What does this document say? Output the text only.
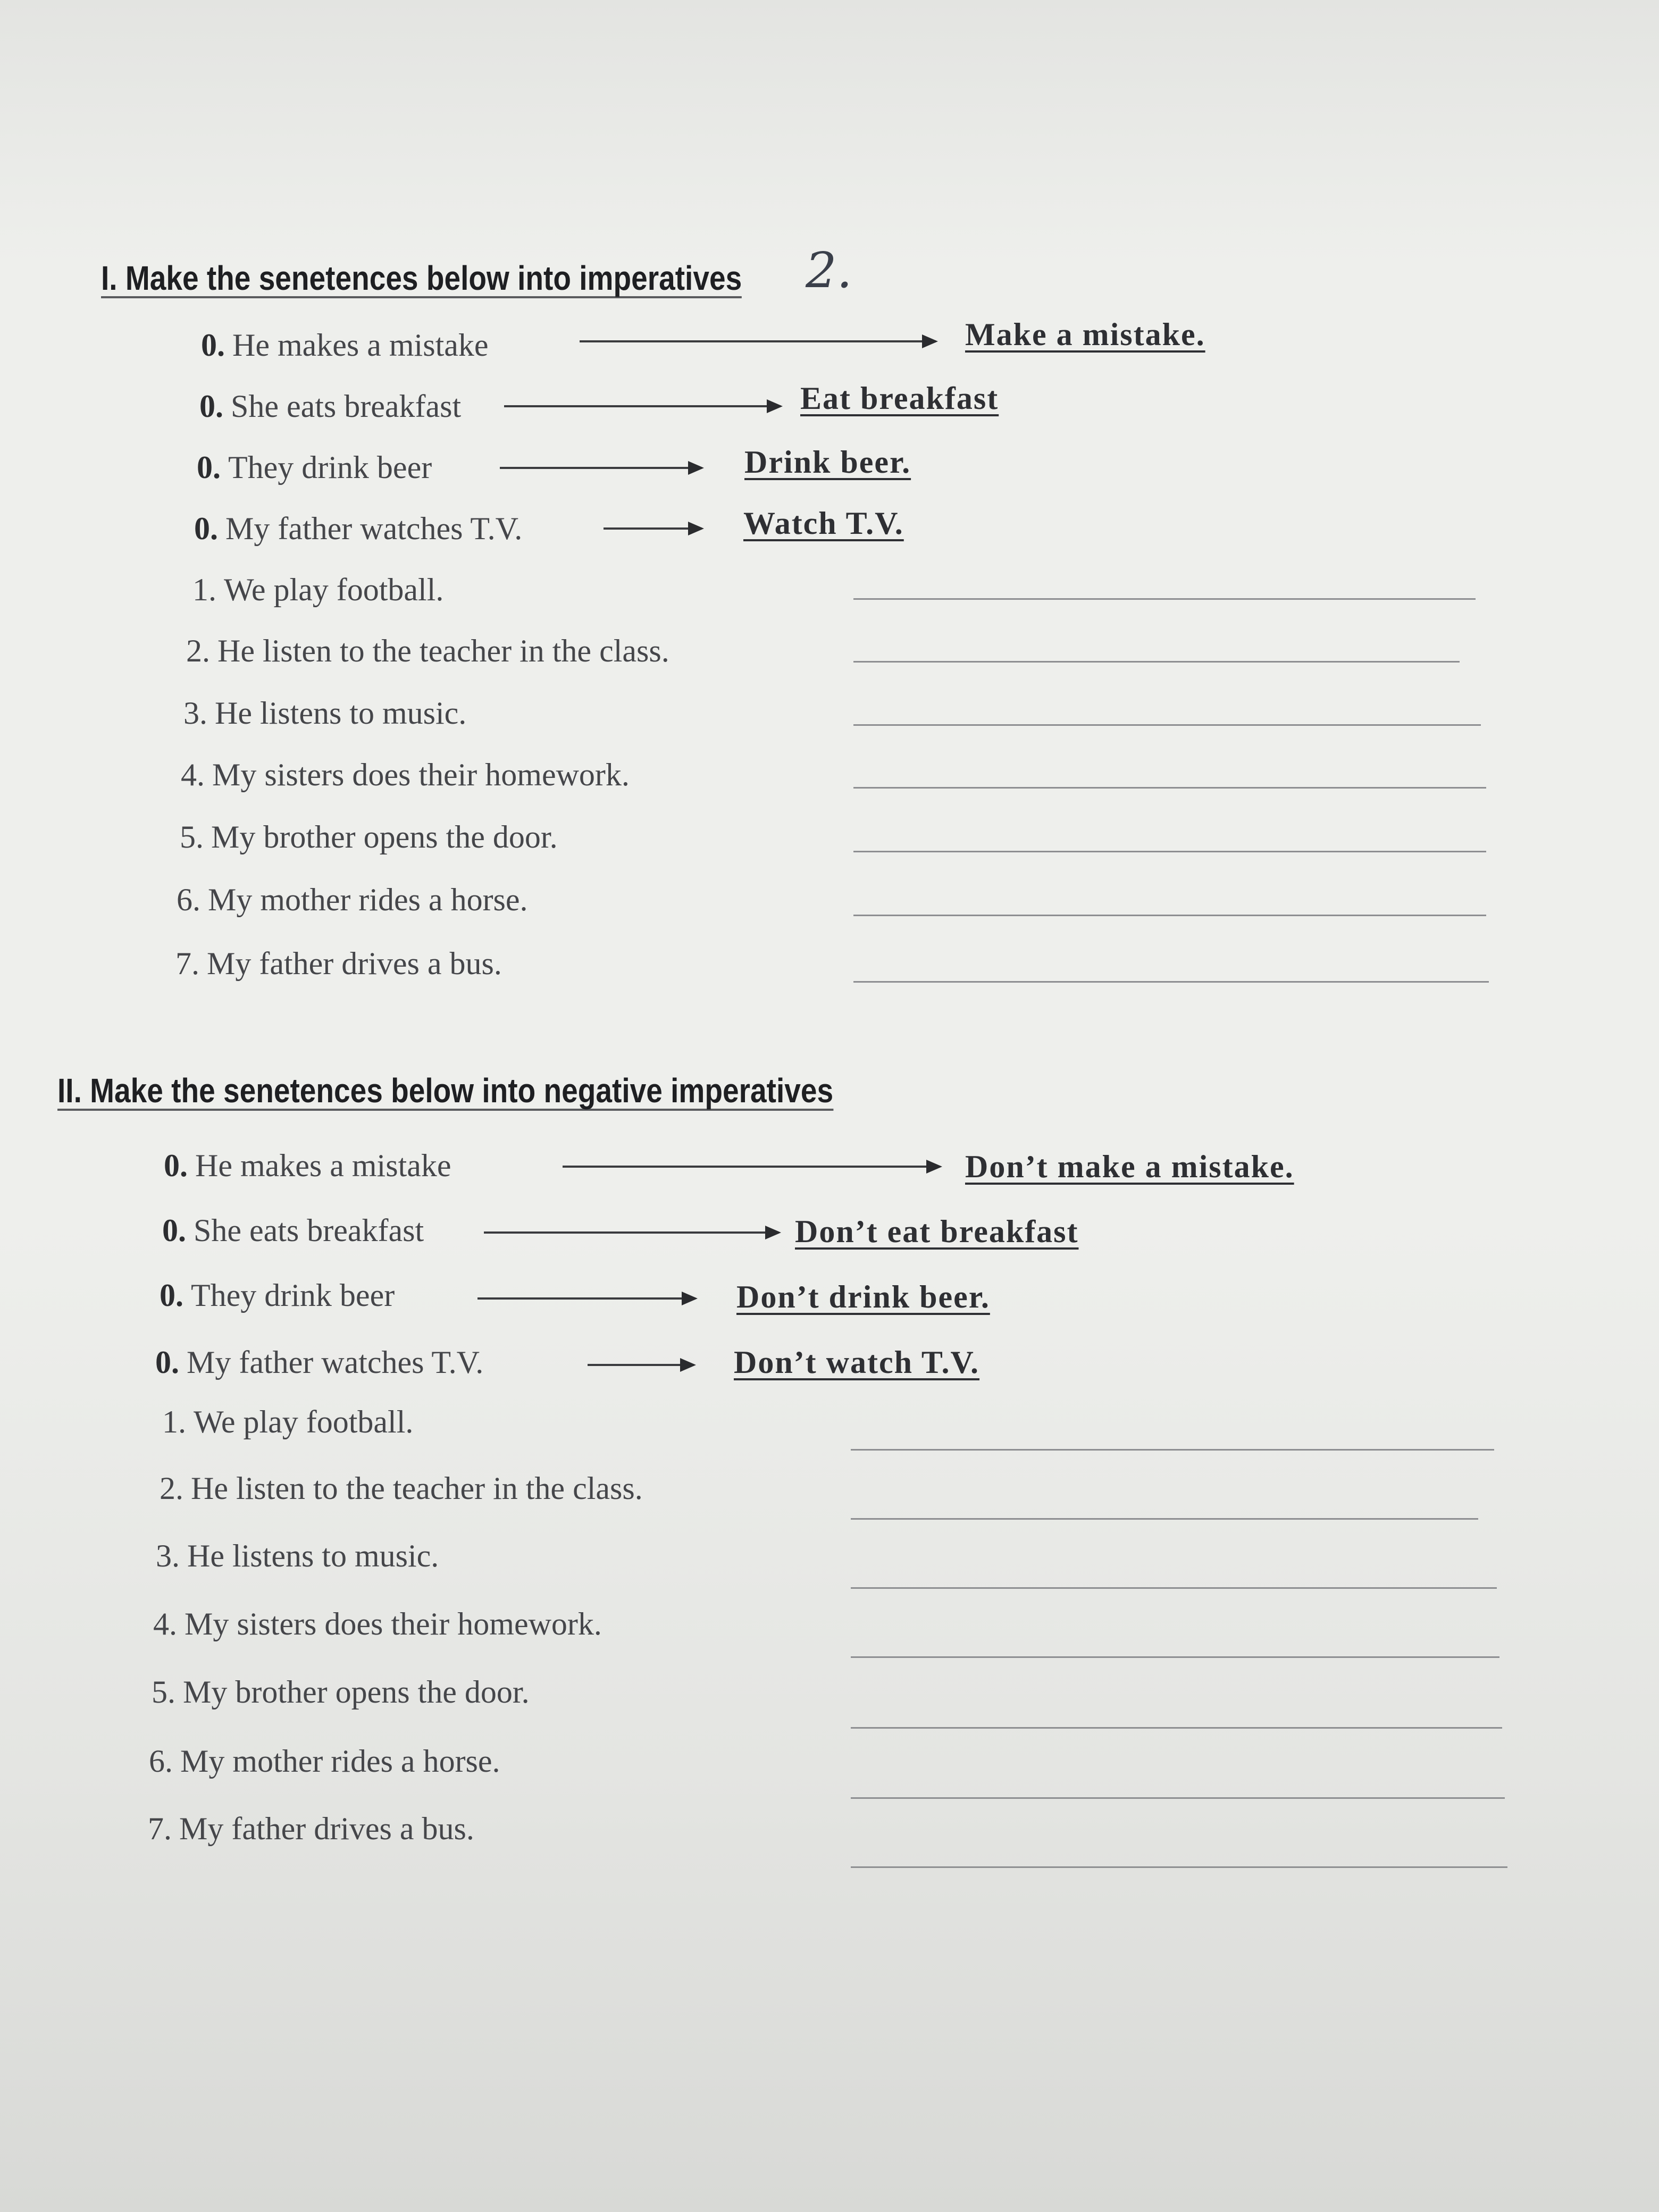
I. Make the senetences below into imperatives 2.
0. He makes a mistake	Make a mistake.
0. She eats breakfast	Eat breakfast
0. They drink beer	Drink beer.
0. My father watches T.V.	Watch T.V.
1. We play football.
2. He listen to the teacher in the class.
3. He listens to music.
4. My sisters does their homework.
5. My brother opens the door.
6. My mother rides a horse.
7. My father drives a bus.
II. Make the senetences below into negative imperatives
0. He makes a mistake	Don’t make a mistake.
0. She eats breakfast	Don’t eat breakfast
0. They drink beer	Don’t drink beer.
0. My father watches T.V.	Don’t watch T.V.
1. We play football.
2. He listen to the teacher in the class.
3. He listens to music.
4. My sisters does their homework.
5. My brother opens the door.
6. My mother rides a horse.
7. My father drives a bus.
